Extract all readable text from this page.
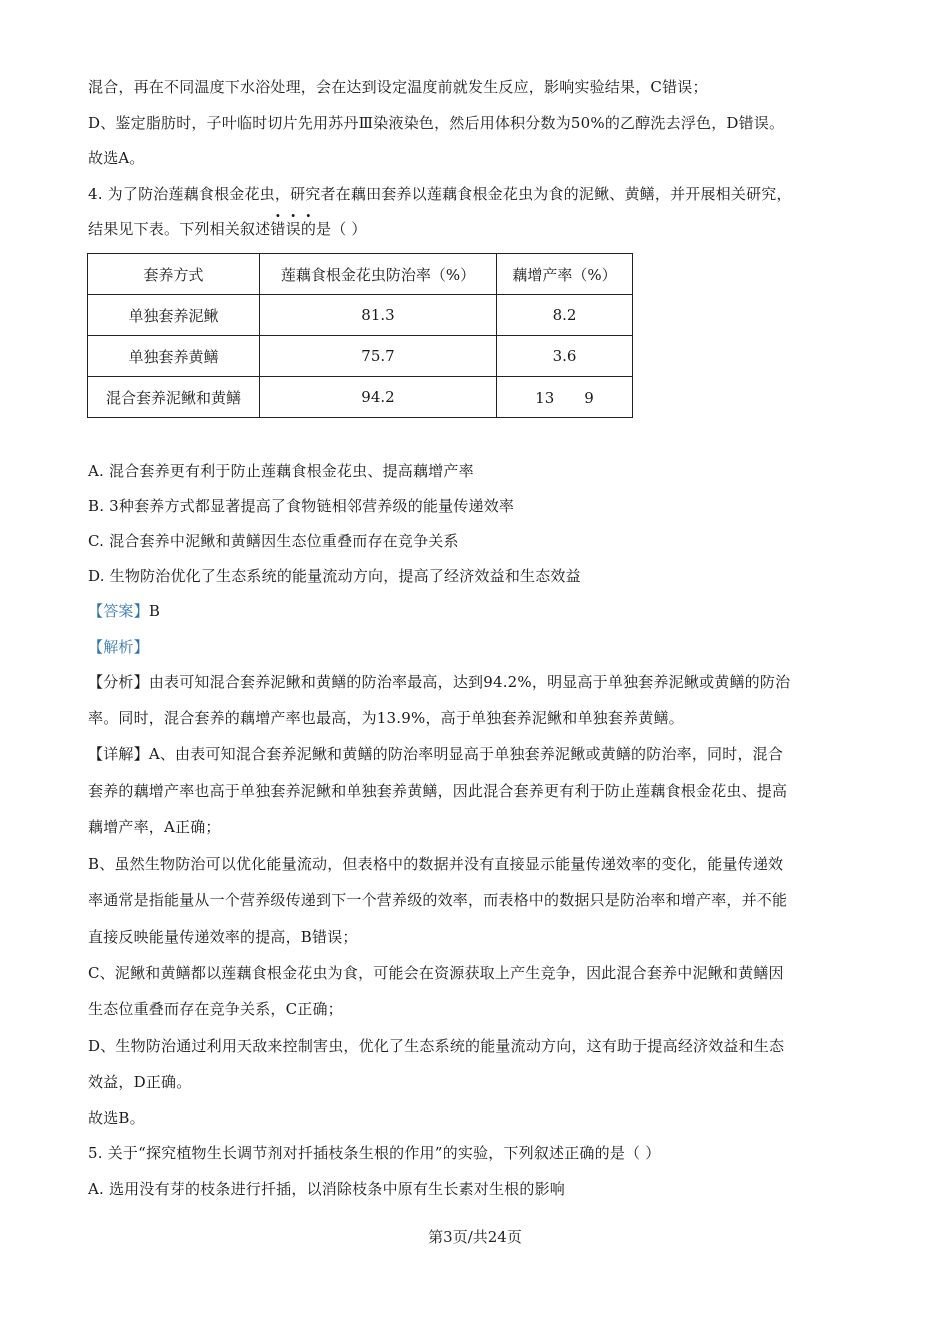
混合，再在不同温度下水浴处理，会在达到设定温度前就发生反应，影响实验结果，C错误；
D、鉴定脂肪时，子叶临时切片先用苏丹Ⅲ染液染色，然后用体积分数为50%的乙醇洗去浮色，D错误。
故选A。
4. 为了防治莲藕食根金花虫，研究者在藕田套养以莲藕食根金花虫为食的泥鳅、黄鳝，并开展相关研究，
结果见下表。下列相关叙述错误的是（ ）
套养方式	莲藕食根金花虫防治率（%）	藕增产率（%）
单独套养泥鳅	81.3	8.2
单独套养黄鳝	75.7	3.6
混合套养泥鳅和黄鳝	94.2	13　　9
A. 混合套养更有利于防止莲藕食根金花虫、提高藕增产率
B. 3种套养方式都显著提高了食物链相邻营养级的能量传递效率
C. 混合套养中泥鳅和黄鳝因生态位重叠而存在竞争关系
D. 生物防治优化了生态系统的能量流动方向，提高了经济效益和生态效益
【答案】B
【解析】
【分析】由表可知混合套养泥鳅和黄鳝的防治率最高，达到94.2%，明显高于单独套养泥鳅或黄鳝的防治
率。同时，混合套养的藕增产率也最高，为13.9%，高于单独套养泥鳅和单独套养黄鳝。
【详解】A、由表可知混合套养泥鳅和黄鳝的防治率明显高于单独套养泥鳅或黄鳝的防治率，同时，混合
套养的藕增产率也高于单独套养泥鳅和单独套养黄鳝，因此混合套养更有利于防止莲藕食根金花虫、提高
藕增产率，A正确；
B、虽然生物防治可以优化能量流动，但表格中的数据并没有直接显示能量传递效率的变化，能量传递效
率通常是指能量从一个营养级传递到下一个营养级的效率，而表格中的数据只是防治率和增产率，并不能
直接反映能量传递效率的提高，B错误；
C、泥鳅和黄鳝都以莲藕食根金花虫为食，可能会在资源获取上产生竞争，因此混合套养中泥鳅和黄鳝因
生态位重叠而存在竞争关系，C正确；
D、生物防治通过利用天敌来控制害虫，优化了生态系统的能量流动方向，这有助于提高经济效益和生态
效益，D正确。
故选B。
5. 关于“探究植物生长调节剂对扦插枝条生根的作用”的实验，下列叙述正确的是（ ）
A. 选用没有芽的枝条进行扦插，以消除枝条中原有生长素对生根的影响
第3页/共24页
